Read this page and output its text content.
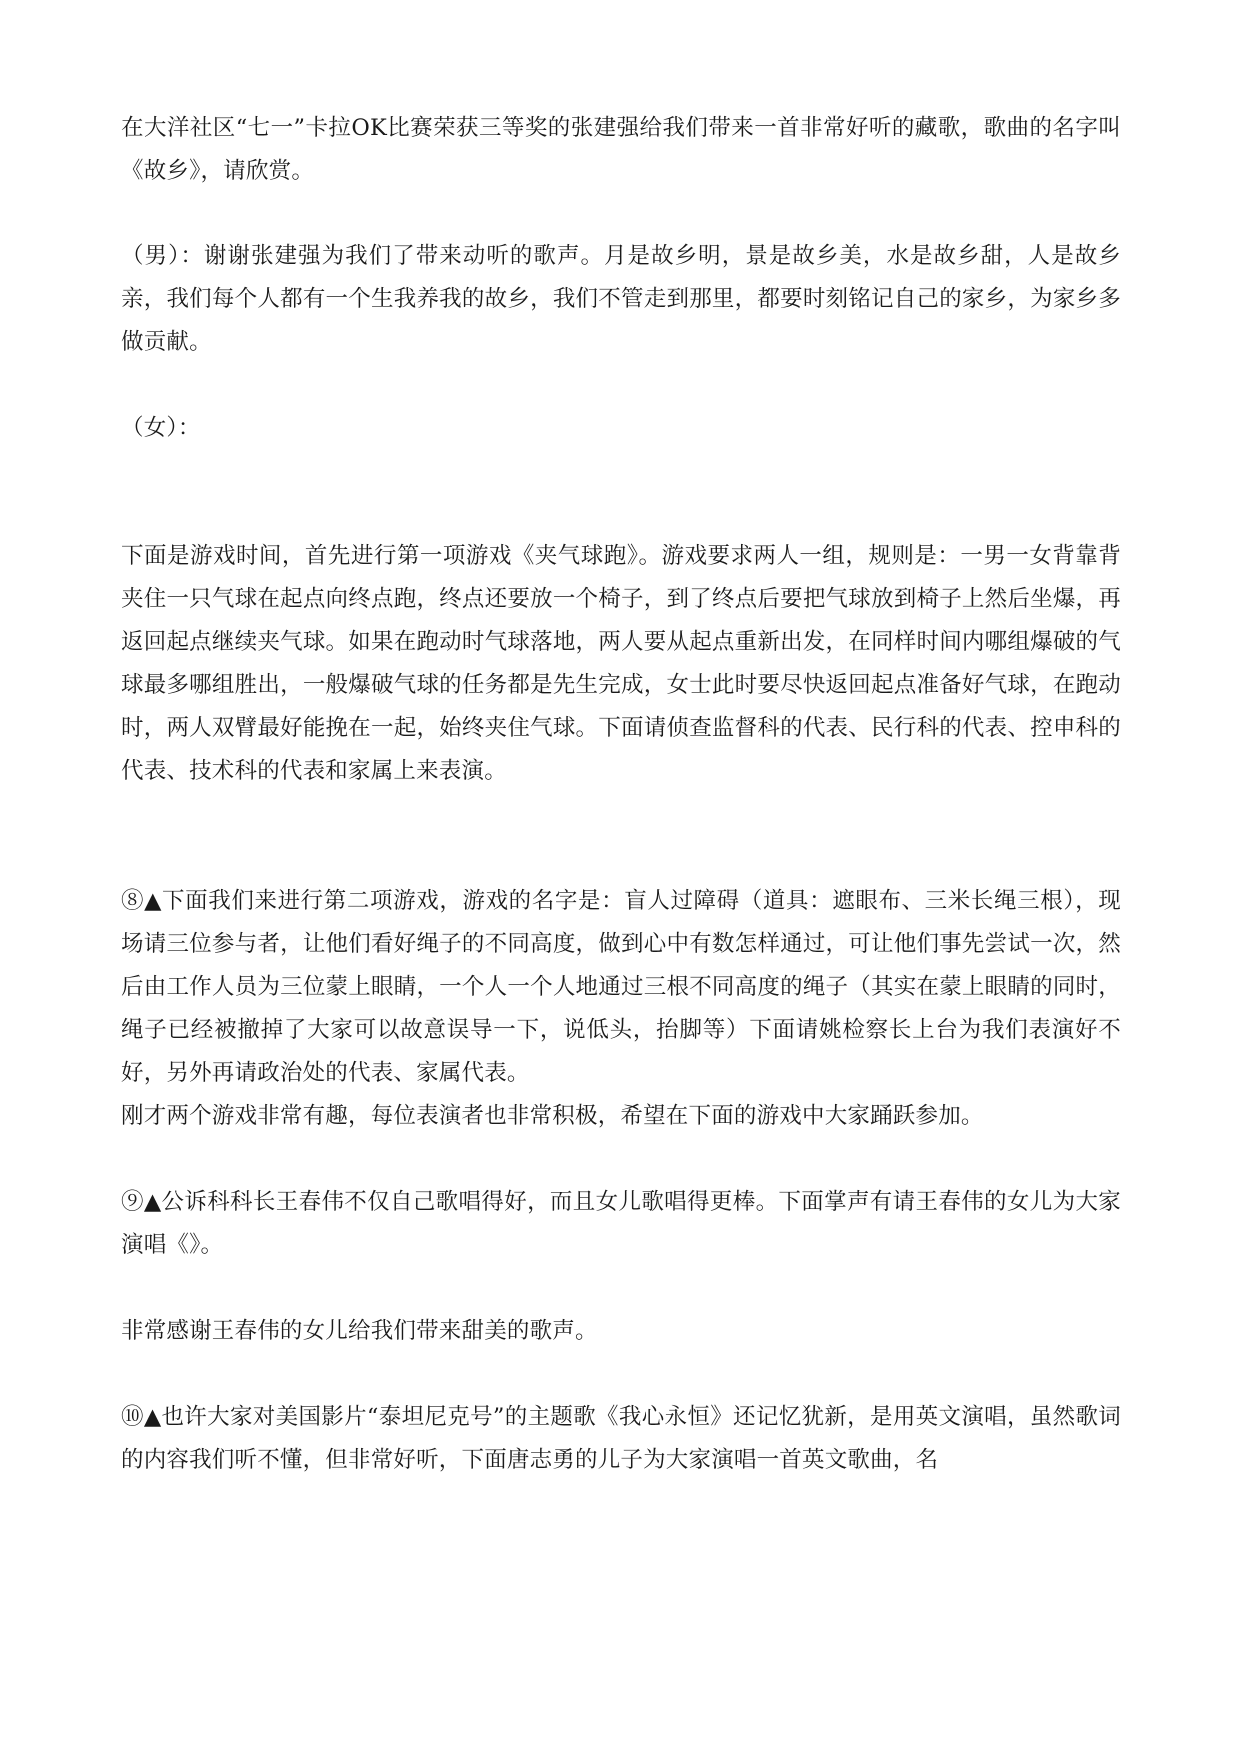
在大洋社区“七一”卡拉OK比赛荣获三等奖的张建强给我们带来一首非常好听的藏歌，歌曲的名字叫《故乡》，请欣赏。

（男）：谢谢张建强为我们了带来动听的歌声。月是故乡明，景是故乡美，水是故乡甜，人是故乡亲，我们每个人都有一个生我养我的故乡，我们不管走到那里，都要时刻铭记自己的家乡，为家乡多做贡献。

（女）：

下面是游戏时间，首先进行第一项游戏《夹气球跑》。游戏要求两人一组，规则是：一男一女背靠背夹住一只气球在起点向终点跑，终点还要放一个椅子，到了终点后要把气球放到椅子上然后坐爆，再返回起点继续夹气球。如果在跑动时气球落地，两人要从起点重新出发，在同样时间内哪组爆破的气球最多哪组胜出，一般爆破气球的任务都是先生完成，女士此时要尽快返回起点准备好气球，在跑动时，两人双臂最好能挽在一起，始终夹住气球。下面请侦查监督科的代表、民行科的代表、控申科的代表、技术科的代表和家属上来表演。

⑧▲下面我们来进行第二项游戏，游戏的名字是：盲人过障碍（道具：遮眼布、三米长绳三根），现场请三位参与者，让他们看好绳子的不同高度，做到心中有数怎样通过，可让他们事先尝试一次，然后由工作人员为三位蒙上眼睛，一个人一个人地通过三根不同高度的绳子（其实在蒙上眼睛的同时，绳子已经被撤掉了大家可以故意误导一下，说低头，抬脚等）下面请姚检察长上台为我们表演好不好，另外再请政治处的代表、家属代表。

刚才两个游戏非常有趣，每位表演者也非常积极，希望在下面的游戏中大家踊跃参加。

⑨▲公诉科科长王春伟不仅自己歌唱得好，而且女儿歌唱得更棒。下面掌声有请王春伟的女儿为大家演唱《》。

非常感谢王春伟的女儿给我们带来甜美的歌声。

⑩▲也许大家对美国影片“泰坦尼克号”的主题歌《我心永恒》还记忆犹新，是用英文演唱，虽然歌词的内容我们听不懂，但非常好听，下面唐志勇的儿子为大家演唱一首英文歌曲，名
